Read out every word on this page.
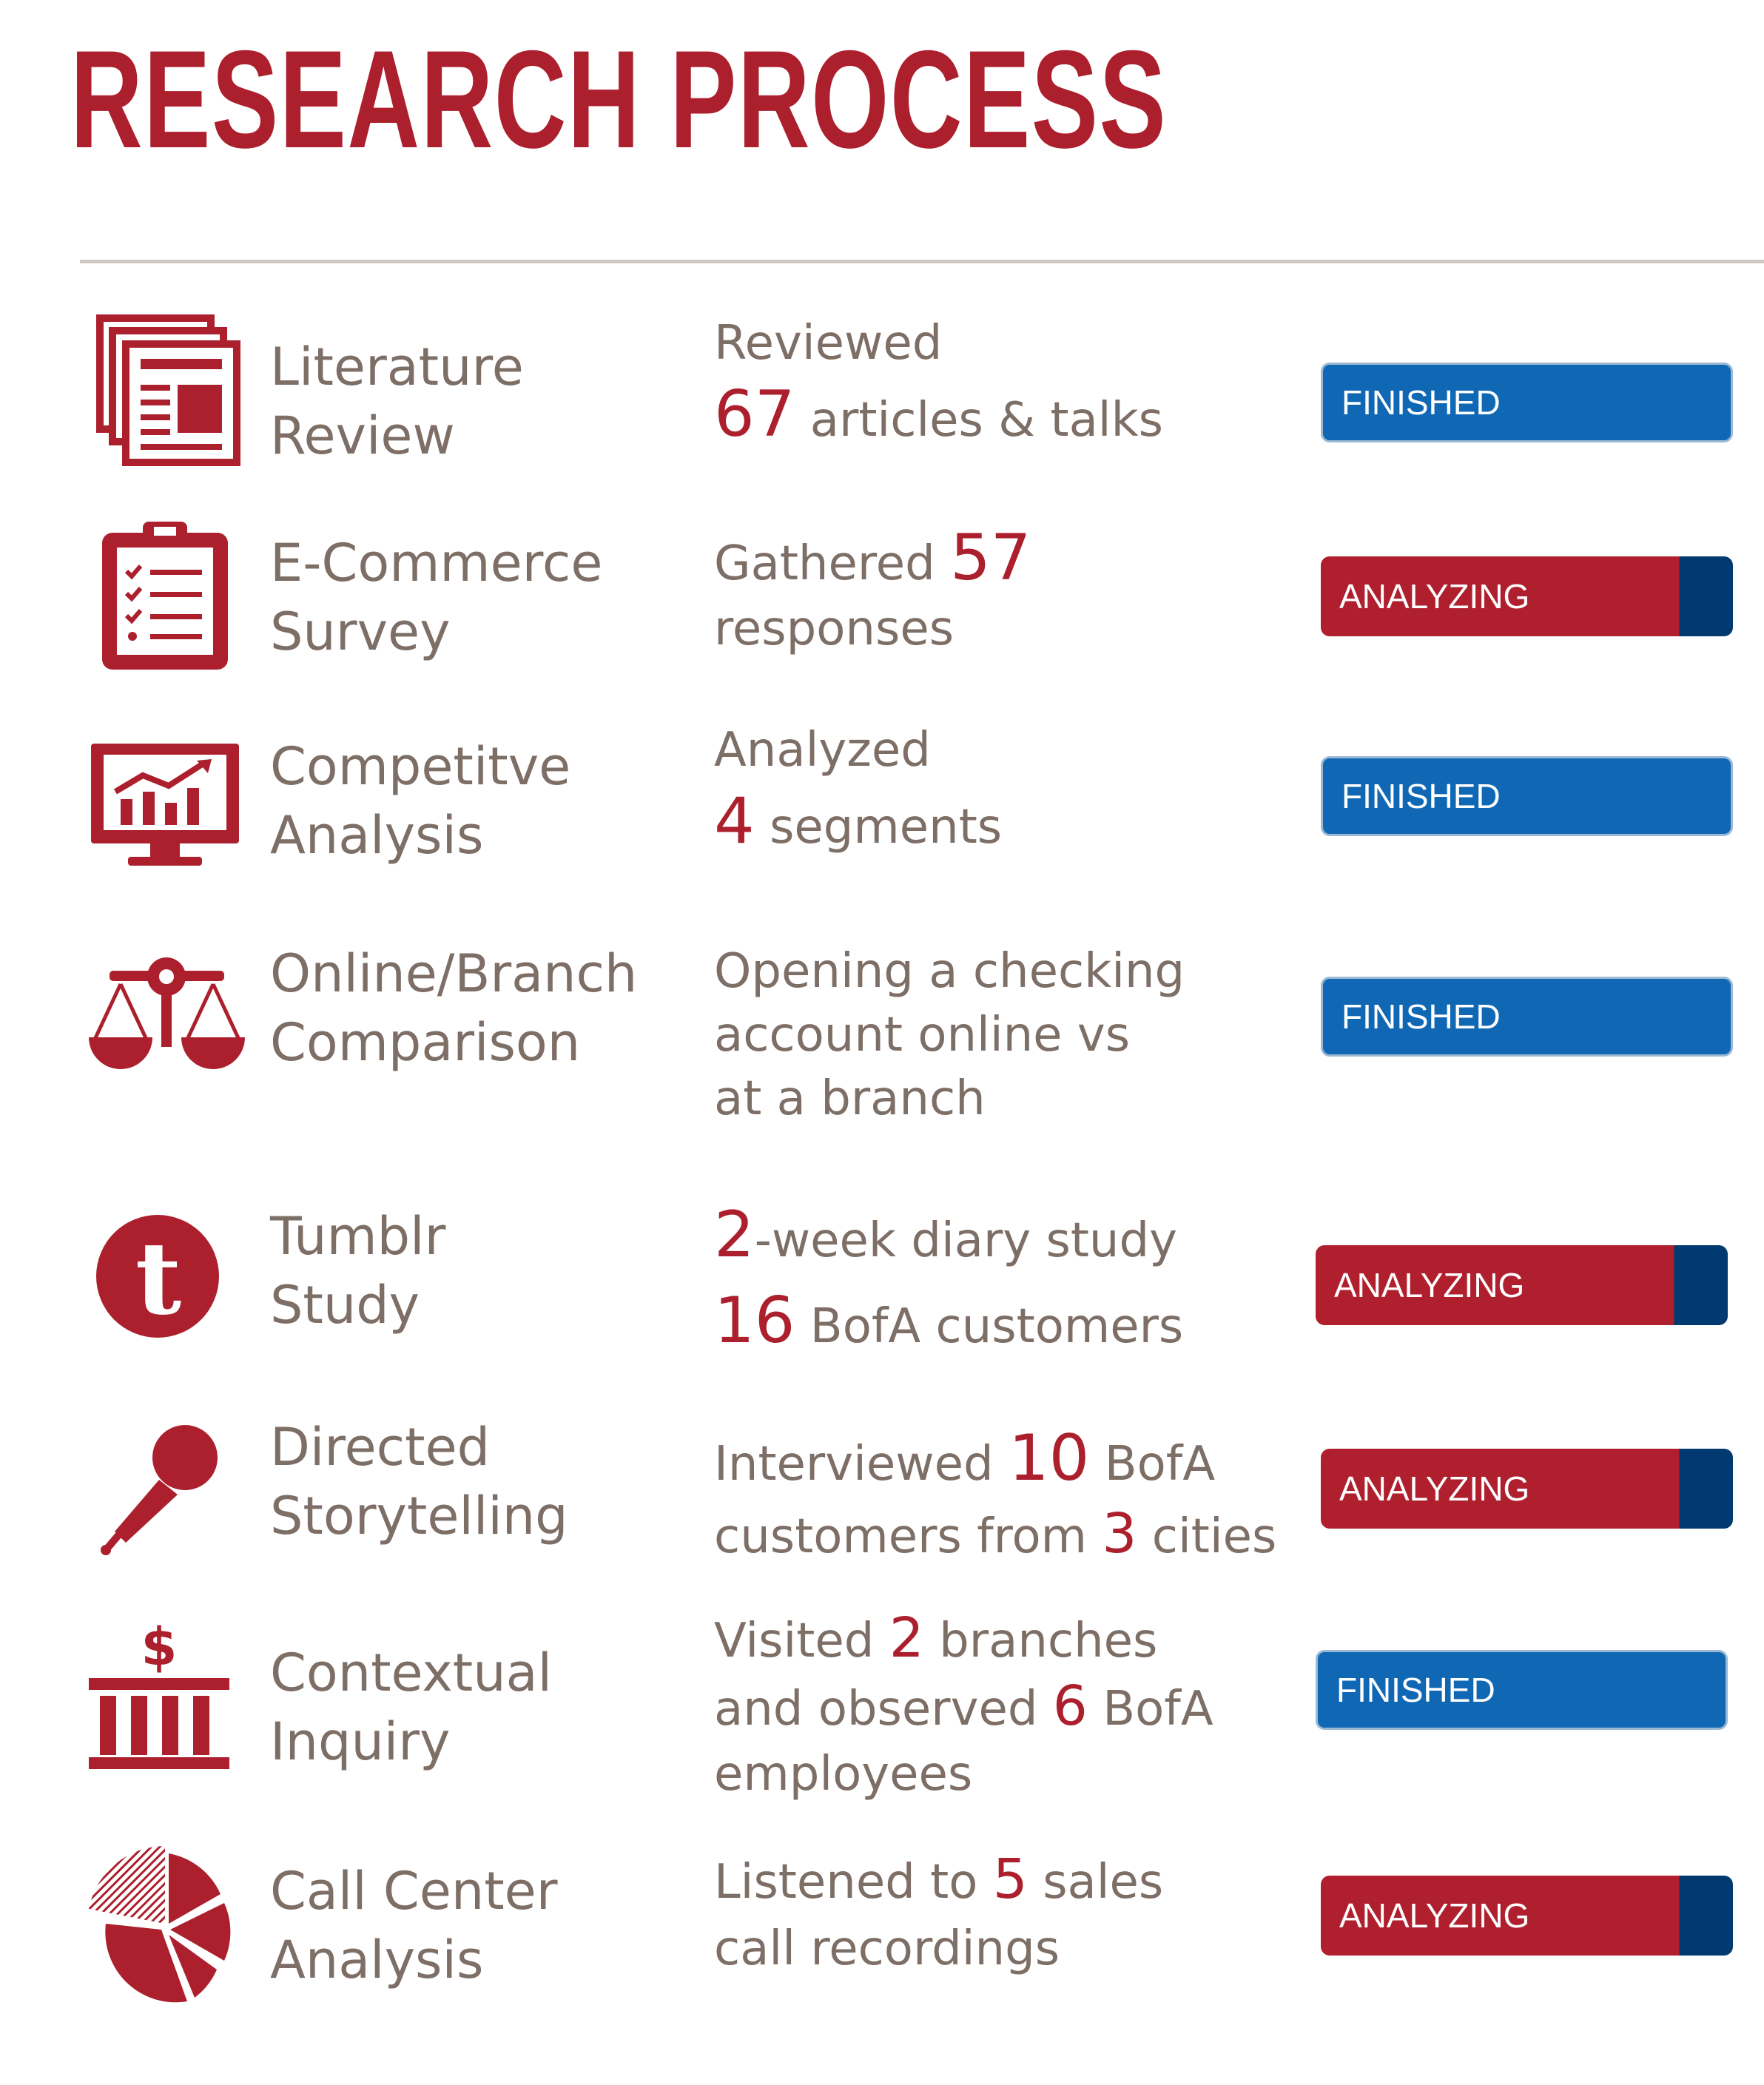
RESEARCH PROCESS
Literature
Review
Reviewed
67 articles & talks	FINISHED
E-Commerce
Survey
Gathered 57
responses
ANALYZING
Competitve
Analysis
Analyzed
4 segments
FINISHED
Online/Branch
Comparison
Opening a checking
account online vs
at a branch
FINISHED
t Tumblr
Study
2-week diary study
16 BofA customers
ANALYZING
Directed
Storytelling
Interviewed 10 BofA
customers from 3 cities
ANALYZING
$ Contextual
Inquiry
Visited 2 branches
and observed 6 BofA
employees
FINISHED
Call Center
Analysis
Listened to 5 sales
call recordings
ANALYZING
